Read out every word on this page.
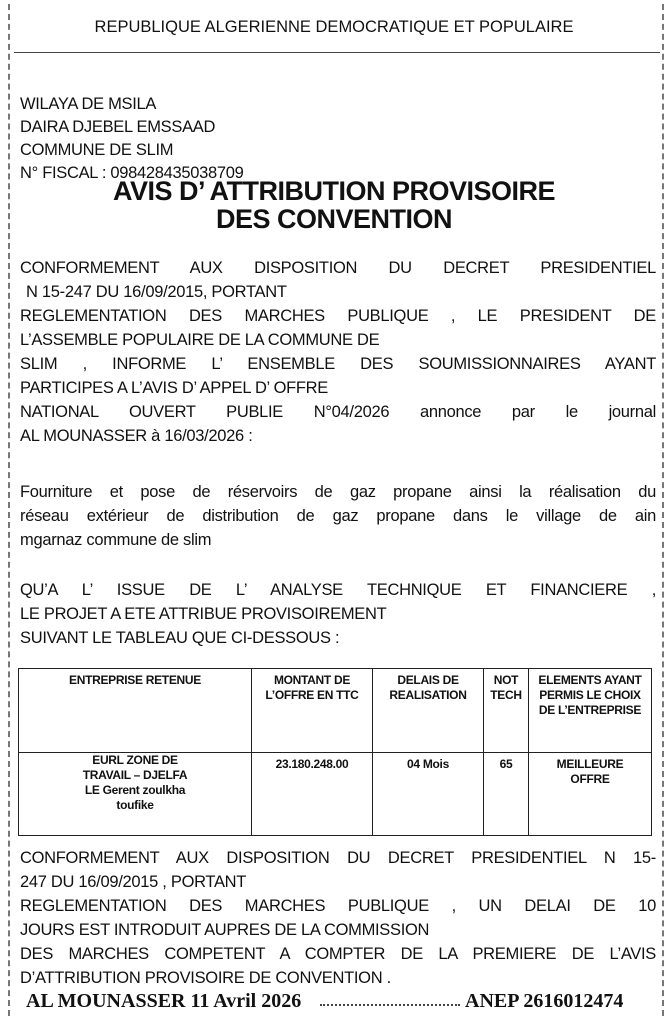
REPUBLIQUE ALGERIENNE DEMOCRATIQUE ET POPULAIRE
WILAYA DE MSILA
DAIRA DJEBEL EMSSAAD
COMMUNE DE SLIM
N° FISCAL : 098428435038709
AVIS D’ ATTRIBUTION PROVISOIRE
DES CONVENTION
CONFORMEMENT AUX DISPOSITION DU DECRET PRESIDENTIEL
N 15-247 DU 16/09/2015, PORTANT
REGLEMENTATION DES MARCHES PUBLIQUE , LE PRESIDENT DE
L’ASSEMBLE POPULAIRE DE LA COMMUNE DE
SLIM , INFORME L’ ENSEMBLE DES SOUMISSIONNAIRES AYANT
PARTICIPES A L’AVIS D’ APPEL D’ OFFRE
NATIONAL OUVERT PUBLIE N°04/2026 annonce par le journal
AL MOUNASSER à 16/03/2026 :
Fourniture et pose de réservoirs de gaz propane ainsi la réalisation du
réseau extérieur de distribution de gaz propane dans le village de ain
mgarnaz commune de slim
QU’A L’ ISSUE DE L’ ANALYSE TECHNIQUE ET FINANCIERE ,
LE PROJET A ETE ATTRIBUE PROVISOIREMENT
SUIVANT LE TABLEAU QUE CI-DESSOUS :
ENTREPRISE RETENUE	MONTANT DE L’OFFRE EN TTC	DELAIS DE REALISATION	NOT TECH	ELEMENTS AYANT PERMIS LE CHOIX DE L’ENTREPRISE
EURL ZONE DE TRAVAIL – DJELFA LE Gerent zoulkha toufike	23.180.248.00	04 Mois	65	MEILLEURE OFFRE
CONFORMEMENT AUX DISPOSITION DU DECRET PRESIDENTIEL N 15-
247 DU 16/09/2015 , PORTANT
REGLEMENTATION DES MARCHES PUBLIQUE , UN DELAI DE 10
JOURS EST INTRODUIT AUPRES DE LA COMMISSION
DES MARCHES COMPETENT A COMPTER DE LA PREMIERE DE L’AVIS
D’ATTRIBUTION PROVISOIRE DE CONVENTION .
AL MOUNASSER 11 Avril 2026	ANEP 2616012474
